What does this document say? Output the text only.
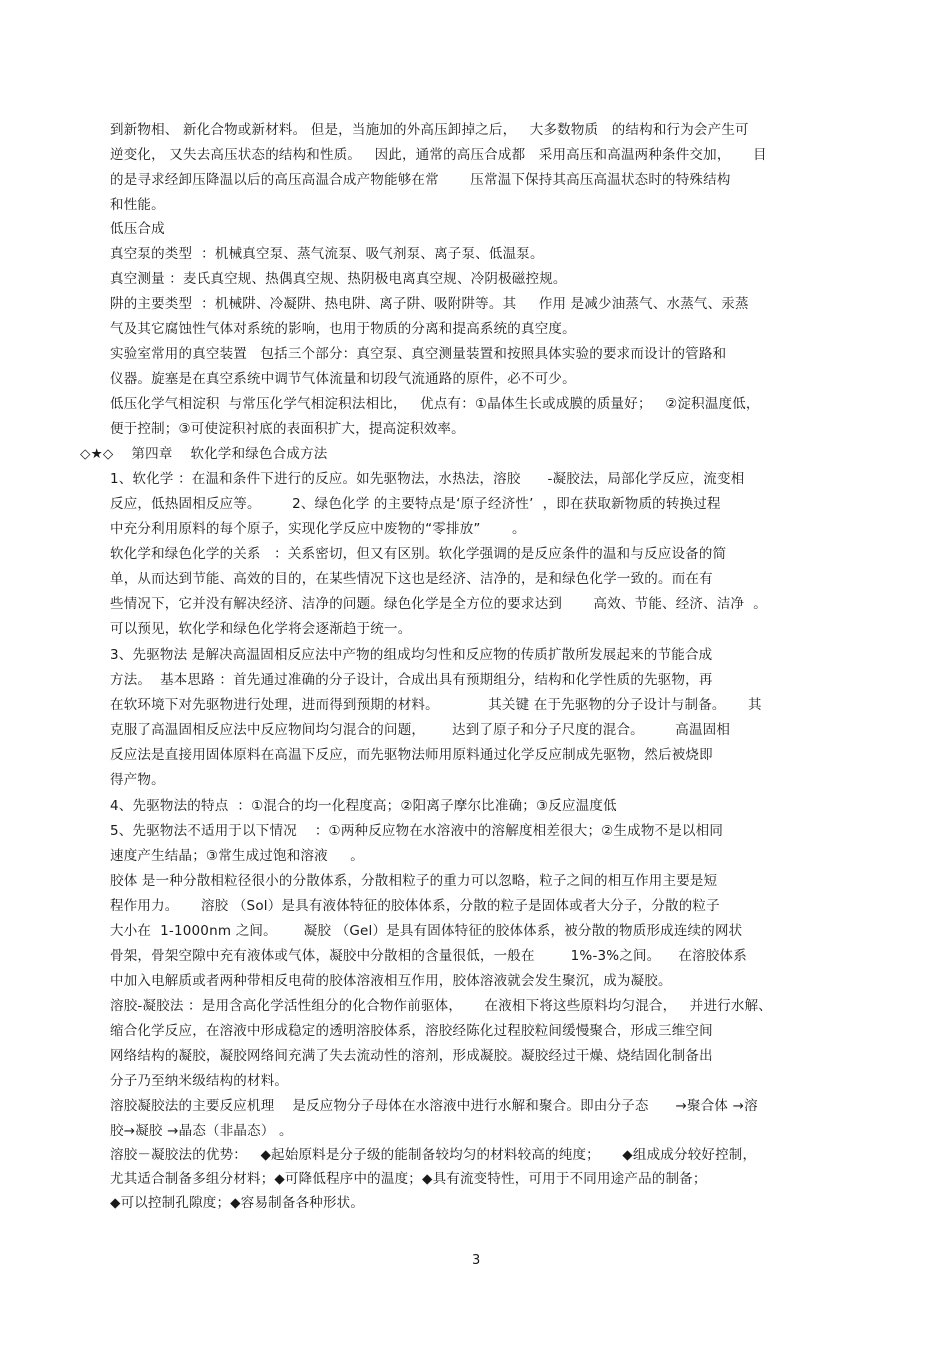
到新物相、 新化合物或新材料。 但是，当施加的外高压卸掉之后，   大多数物质   的结构和行为会产生可
逆变化， 又失去高压状态的结构和性质。   因此，通常的高压合成都   采用高压和高温两种条件交加，     目
的是寻求经卸压降温以后的高压高温合成产物能够在常       压常温下保持其高压高温状态时的特殊结构
和性能。
低压合成
真空泵的类型  ：机械真空泵、蒸气流泵、吸气剂泵、离子泵、低温泵。
真空测量 ：麦氏真空规、热偶真空规、热阴极电离真空规、冷阴极磁控规。
阱的主要类型  ：机械阱、冷凝阱、热电阱、离子阱、吸附阱等。其     作用 是减少油蒸气、水蒸气、汞蒸
气及其它腐蚀性气体对系统的影响，也用于物质的分离和提高系统的真空度。
实验室常用的真空装置   包括三个部分：真空泵、真空测量装置和按照具体实验的要求而设计的管路和
仪器。旋塞是在真空系统中调节气体流量和切段气流通路的原件，必不可少。
低压化学气相淀积  与常压化学气相淀积法相比，   优点有：①晶体生长或成膜的质量好；   ②淀积温度低，
便于控制；③可使淀积衬底的表面积扩大，提高淀积效率。
◇★◇    第四章    软化学和绿色合成方法
1、软化学 ：在温和条件下进行的反应。如先驱物法，水热法，溶胶      -凝胶法，局部化学反应，流变相
反应，低热固相反应等。       2、绿色化学 的主要特点是‘原子经济性’  ，即在获取新物质的转换过程
中充分利用原料的每个原子，实现化学反应中废物的“零排放”       。
软化学和绿色化学的关系   ：关系密切，但又有区别。软化学强调的是反应条件的温和与反应设备的简
单，从而达到节能、高效的目的，在某些情况下这也是经济、洁净的，是和绿色化学一致的。而在有
些情况下，它并没有解决经济、洁净的问题。绿色化学是全方位的要求达到       高效、节能、经济、洁净  。
可以预见，软化学和绿色化学将会逐渐趋于统一。
3、先驱物法 是解决高温固相反应法中产物的组成均匀性和反应物的传质扩散所发展起来的节能合成
方法。  基本思路 ：首先通过准确的分子设计，合成出具有预期组分，结构和化学性质的先驱物，再
在软环境下对先驱物进行处理，进而得到预期的材料。           其关键 在于先驱物的分子设计与制备。     其
克服了高温固相反应法中反应物间均匀混合的问题，      达到了原子和分子尺度的混合。       高温固相
反应法是直接用固体原料在高温下反应，而先驱物法师用原料通过化学反应制成先驱物，然后被烧即
得产物。
4、先驱物法的特点  ：①混合的均一化程度高；②阳离子摩尔比准确；③反应温度低
5、先驱物法不适用于以下情况    ：①两种反应物在水溶液中的溶解度相差很大；②生成物不是以相同
速度产生结晶；③常生成过饱和溶液     。
胶体 是一种分散相粒径很小的分散体系，分散相粒子的重力可以忽略，粒子之间的相互作用主要是短
程作用力。     溶胶 （Sol）是具有液体特征的胶体体系，分散的粒子是固体或者大分子，分散的粒子
大小在  1-1000nm 之间。      凝胶 （Gel）是具有固体特征的胶体体系，被分散的物质形成连续的网状
骨架，骨架空隙中充有液体或气体，凝胶中分散相的含量很低，一般在        1%-3%之间。    在溶胶体系
中加入电解质或者两种带相反电荷的胶体溶液相互作用，胶体溶液就会发生聚沉，成为凝胶。
溶胶-凝胶法 ：是用含高化学活性组分的化合物作前驱体，     在液相下将这些原料均匀混合，   并进行水解、
缩合化学反应，在溶液中形成稳定的透明溶胶体系，溶胶经陈化过程胶粒间缓慢聚合，形成三维空间
网络结构的凝胶，凝胶网络间充满了失去流动性的溶剂，形成凝胶。凝胶经过干燥、烧结固化制备出
分子乃至纳米级结构的材料。
溶胶凝胶法的主要反应机理    是反应物分子母体在水溶液中进行水解和聚合。即由分子态      →聚合体 →溶
胶→凝胶 →晶态（非晶态） 。
溶胶－凝胶法的优势：   ◆起始原料是分子级的能制备较均匀的材料较高的纯度；     ◆组成成分较好控制，
尤其适合制备多组分材料；◆可降低程序中的温度；◆具有流变特性，可用于不同用途产品的制备；
◆可以控制孔隙度；◆容易制备各种形状。
3
